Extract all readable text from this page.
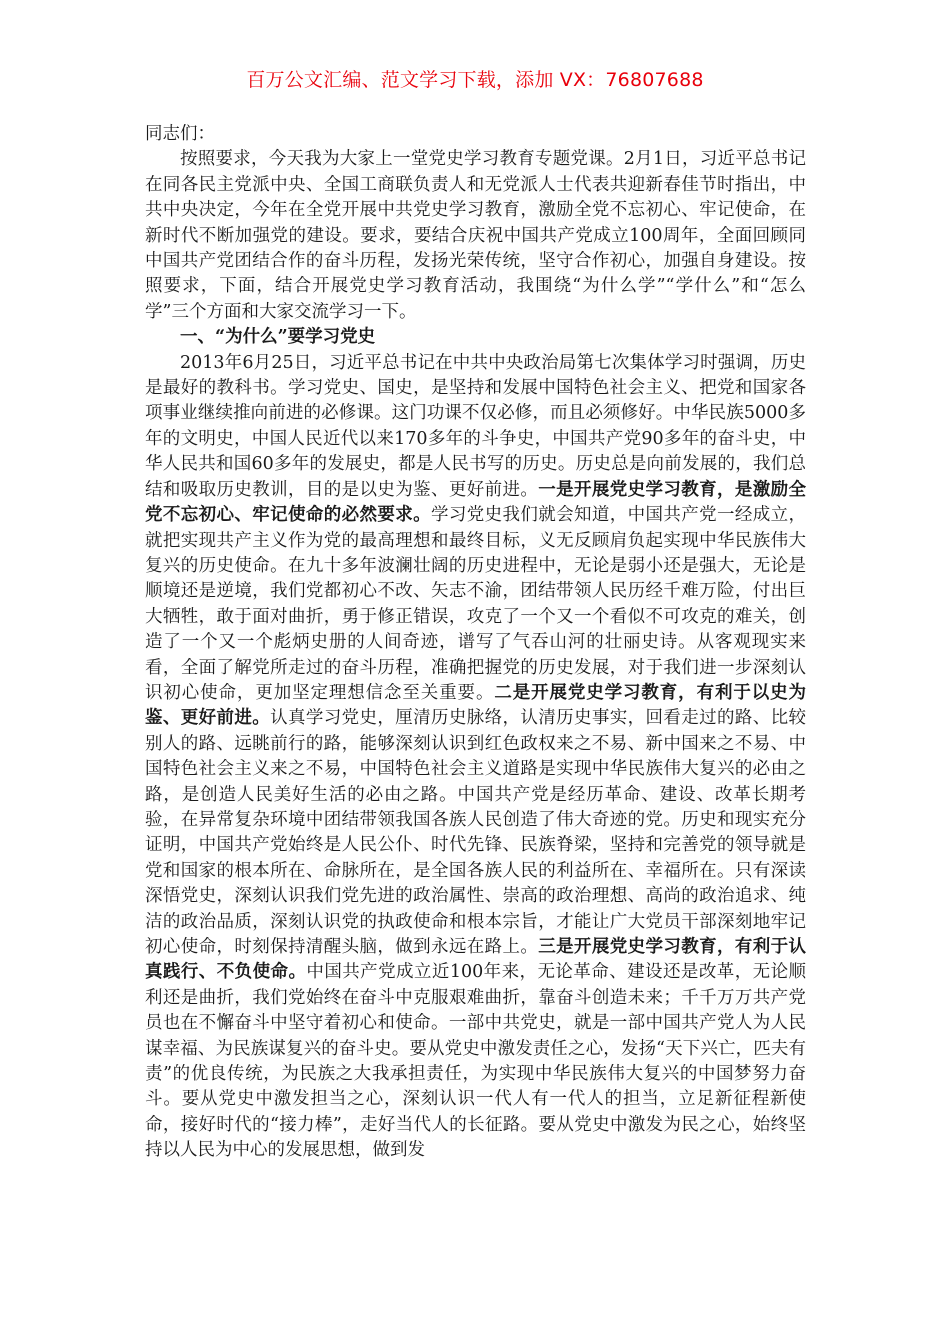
百万公文汇编、范文学习下载，添加 VX：76807688

同志们：

按照要求，今天我为大家上一堂党史学习教育专题党课。2月1日，习近平总书记在同各民主党派中央、全国工商联负责人和无党派人士代表共迎新春佳节时指出，中共中央决定，今年在全党开展中共党史学习教育，激励全党不忘初心、牢记使命，在新时代不断加强党的建设。要求，要结合庆祝中国共产党成立100周年，全面回顾同中国共产党团结合作的奋斗历程，发扬光荣传统，坚守合作初心，加强自身建设。按照要求，下面，结合开展党史学习教育活动，我围绕“为什么学”“学什么”和“怎么学”三个方面和大家交流学习一下。

一、“为什么”要学习党史

2013年6月25日，习近平总书记在中共中央政治局第七次集体学习时强调，历史是最好的教科书。学习党史、国史，是坚持和发展中国特色社会主义、把党和国家各项事业继续推向前进的必修课。这门功课不仅必修，而且必须修好。中华民族5000多年的文明史，中国人民近代以来170多年的斗争史，中国共产党90多年的奋斗史，中华人民共和国60多年的发展史，都是人民书写的历史。历史总是向前发展的，我们总结和吸取历史教训，目的是以史为鉴、更好前进。一是开展党史学习教育，是激励全党不忘初心、牢记使命的必然要求。学习党史我们就会知道，中国共产党一经成立，就把实现共产主义作为党的最高理想和最终目标，义无反顾肩负起实现中华民族伟大复兴的历史使命。在九十多年波澜壮阔的历史进程中，无论是弱小还是强大，无论是顺境还是逆境，我们党都初心不改、矢志不渝，团结带领人民历经千难万险，付出巨大牺牲，敢于面对曲折，勇于修正错误，攻克了一个又一个看似不可攻克的难关，创造了一个又一个彪炳史册的人间奇迹，谱写了气吞山河的壮丽史诗。从客观现实来看，全面了解党所走过的奋斗历程，准确把握党的历史发展，对于我们进一步深刻认识初心使命，更加坚定理想信念至关重要。二是开展党史学习教育，有利于以史为鉴、更好前进。认真学习党史，厘清历史脉络，认清历史事实，回看走过的路、比较别人的路、远眺前行的路，能够深刻认识到红色政权来之不易、新中国来之不易、中国特色社会主义来之不易，中国特色社会主义道路是实现中华民族伟大复兴的必由之路，是创造人民美好生活的必由之路。中国共产党是经历革命、建设、改革长期考验，在异常复杂环境中团结带领我国各族人民创造了伟大奇迹的党。历史和现实充分证明，中国共产党始终是人民公仆、时代先锋、民族脊梁，坚持和完善党的领导就是党和国家的根本所在、命脉所在，是全国各族人民的利益所在、幸福所在。只有深读深悟党史，深刻认识我们党先进的政治属性、崇高的政治理想、高尚的政治追求、纯洁的政治品质，深刻认识党的执政使命和根本宗旨，才能让广大党员干部深刻地牢记初心使命，时刻保持清醒头脑，做到永远在路上。三是开展党史学习教育，有利于认真践行、不负使命。中国共产党成立近100年来，无论革命、建设还是改革，无论顺利还是曲折，我们党始终在奋斗中克服艰难曲折，靠奋斗创造未来；千千万万共产党员也在不懈奋斗中坚守着初心和使命。一部中共党史，就是一部中国共产党人为人民谋幸福、为民族谋复兴的奋斗史。要从党史中激发责任之心，发扬“天下兴亡，匹夫有责”的优良传统，为民族之大我承担责任，为实现中华民族伟大复兴的中国梦努力奋斗。要从党史中激发担当之心，深刻认识一代人有一代人的担当，立足新征程新使命，接好时代的“接力棒”，走好当代人的长征路。要从党史中激发为民之心，始终坚持以人民为中心的发展思想，做到发
